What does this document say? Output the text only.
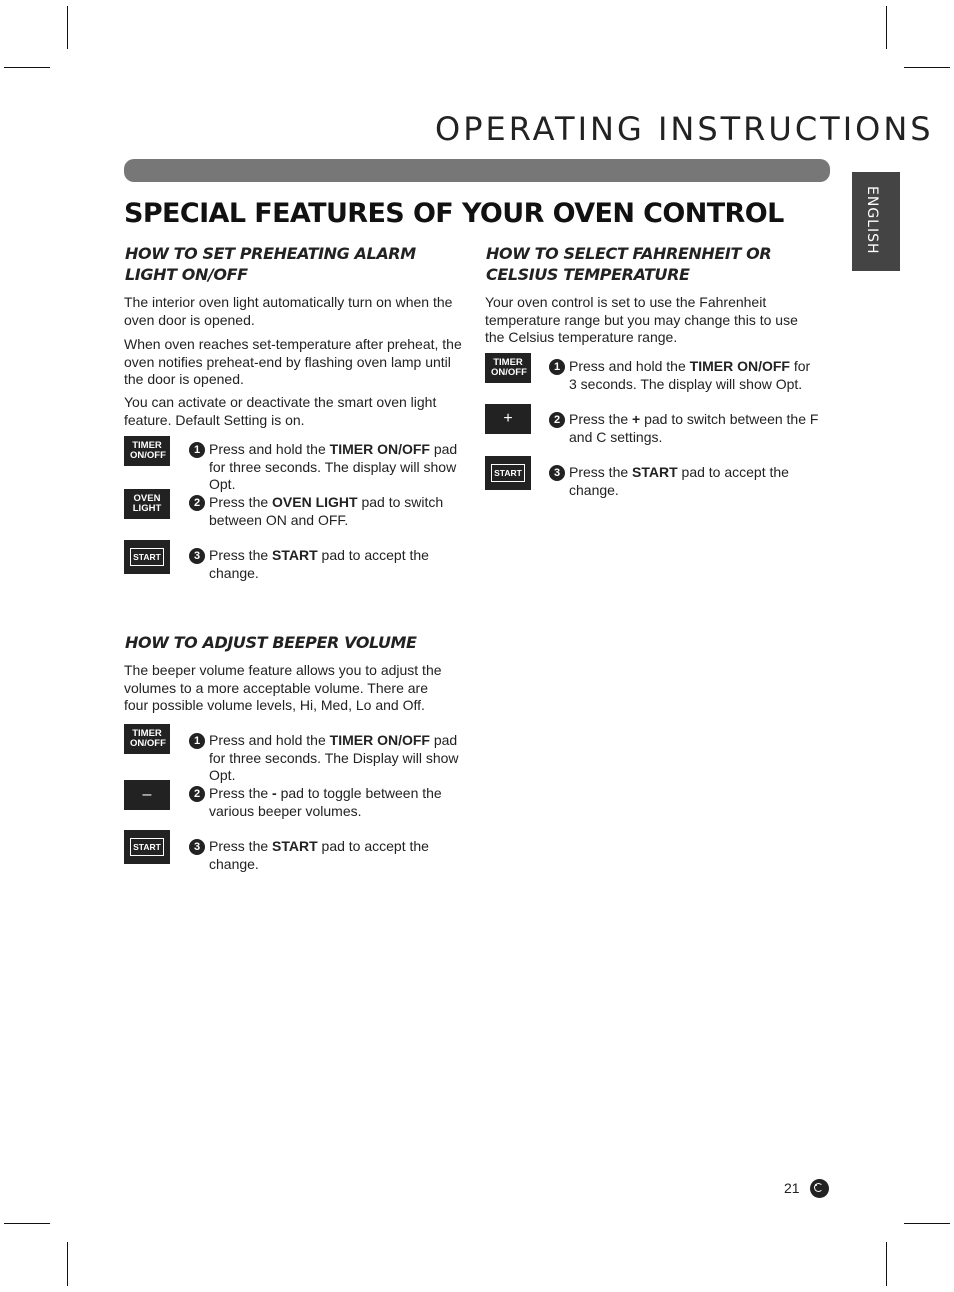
OPERATING INSTRUCTIONS
ENGLISH
SPECIAL FEATURES OF YOUR OVEN CONTROL
HOW TO SET PREHEATING ALARM LIGHT ON/OFF
The interior oven light automatically turn on when the oven door is opened.
When oven reaches set-temperature after preheat, the oven notifies preheat-end by flashing oven lamp until the door is opened.
You can activate or deactivate the smart oven light feature. Default Setting is on.
TIMER ON/OFF	1 Press and hold the TIMER ON/OFF pad for three seconds. The display will show Opt.
OVEN LIGHT	2 Press the OVEN LIGHT pad to switch between ON and OFF.
START	3 Press the START pad to accept the change.
HOW TO ADJUST BEEPER VOLUME
The beeper volume feature allows you to adjust the volumes to a more acceptable volume. There are four possible volume levels, Hi, Med, Lo and Off.
TIMER ON/OFF	1 Press and hold the TIMER ON/OFF pad for three seconds. The Display will show Opt.
–	2 Press the - pad to toggle between the various beeper volumes.
START	3 Press the START pad to accept the change.
HOW TO SELECT FAHRENHEIT OR CELSIUS TEMPERATURE
Your oven control is set to use the Fahrenheit temperature range but you may change this to use the Celsius temperature range.
TIMER ON/OFF	1 Press and hold the TIMER ON/OFF for 3 seconds. The display will show Opt.
+	2 Press the + pad to switch between the F and C settings.
START	3 Press the START pad to accept the change.
21
